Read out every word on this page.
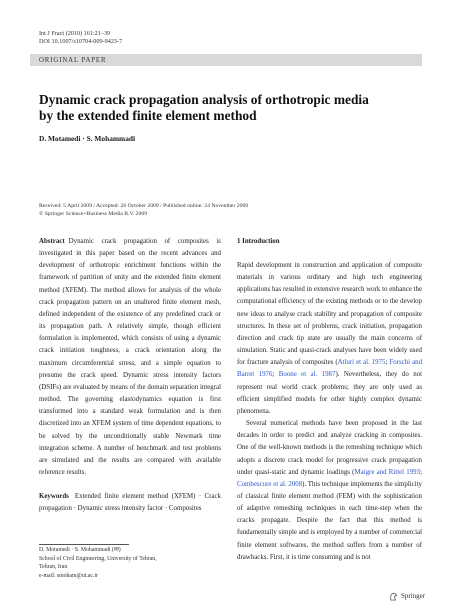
Int J Fract (2010) 161:21–39
DOI 10.1007/s10704-009-9423-7
ORIGINAL PAPER
Dynamic crack propagation analysis of orthotropic media
by the extended finite element method
D. Motamedi · S. Mohammadi
Received: 5 April 2009 / Accepted: 26 October 2009 / Published online: 24 November 2009
© Springer Science+Business Media B.V. 2009

Abstract Dynamic crack propagation of composites is investigated in this paper based on the recent advances and development of orthotropic enrichment functions within the framework of partition of unity and the extended finite element method (XFEM). The method allows for analysis of the whole crack propagation pattern on an unaltered finite element mesh, defined independent of the existence of any predefined crack or its propagation path. A relatively simple, though efficient formulation is implemented, which consists of using a dynamic crack initiation toughness, a crack orientation along the maximum circumferential stress, and a simple equation to presume the crack speed. Dynamic stress intensity factors (DSIFs) are evaluated by means of the domain separation integral method. The governing elastodynamics equation is first transformed into a standard weak formulation and is then discretized into an XFEM system of time dependent equations, to be solved by the unconditionally stable Newmark time integration scheme. A number of benchmark and test problems are simulated and the results are compared with available reference results.

Keywords Extended finite element method (XFEM) · Crack propagation · Dynamic stress intensity factor · Composites

1 Introduction

Rapid development in construction and application of composite materials in various ordinary and high tech engineering applications has resulted in extensive research work to enhance the computational efficiency of the existing methods or to the develop new ideas to analyse crack stability and propagation of composite structures. In these set of problems, crack initiation, propagation direction and crack tip state are usually the main concerns of simulation. Static and quasi-crack analyses have been widely used for fracture analysis of composites (Atluri et al. 1975; Forschi and Barret 1976; Boone et al. 1987). Nevertheless, they do not represent real world crack problems; they are only used as efficient simplified models for other highly complex dynamic phenomena.

Several numerical methods have been proposed in the last decades in order to predict and analyze cracking in composites. One of the well-known methods is the remeshing technique which adopts a discrete crack model for progressive crack propagation under quasi-static and dynamic loadings (Maigre and Rittel 1993; Combescure et al. 2008). This technique implements the simplicity of classical finite element method (FEM) with the sophistication of adaptive remeshing techniques in each time-step when the cracks propagate. Despite the fact that this method is fundamentally simple and is employed by a number of commercial finite element softwares, the method suffers from a number of drawbacks. First, it is time consuming and is not

D. Motamedi · S. Mohammadi (✉)
School of Civil Engineering, University of Tehran,
Tehran, Iran
e-mail: smoham@ut.ac.ir
Springer
